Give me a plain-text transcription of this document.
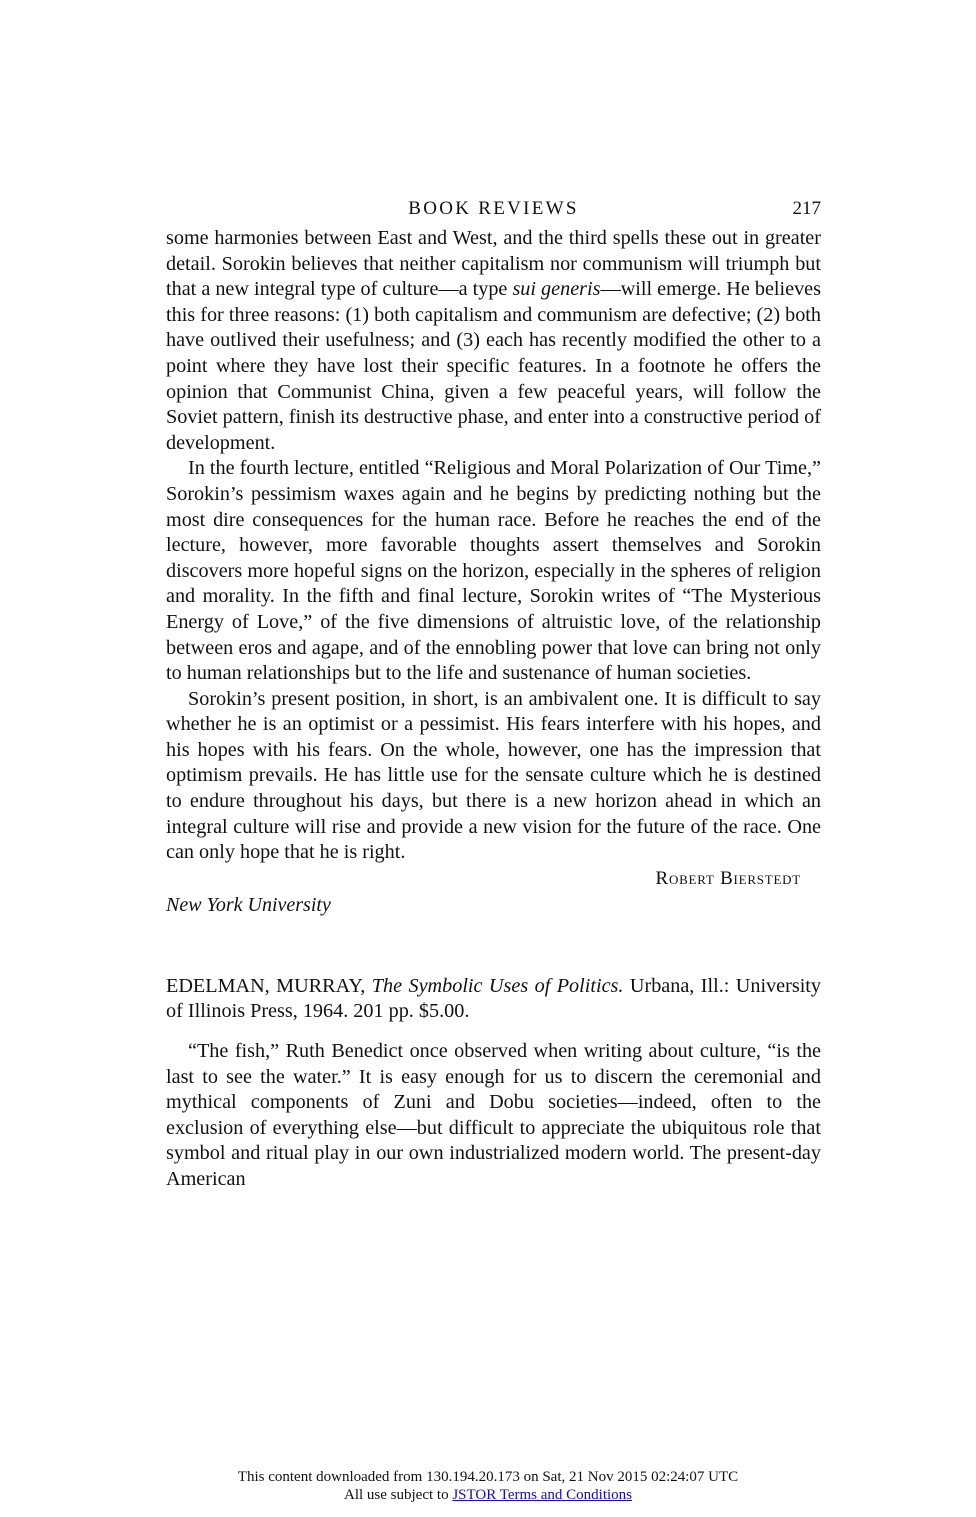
BOOK REVIEWS	217

some harmonies between East and West, and the third spells these out in greater detail. Sorokin believes that neither capitalism nor communism will triumph but that a new integral type of culture—a type sui generis—will emerge. He believes this for three reasons: (1) both capitalism and communism are defective; (2) both have outlived their usefulness; and (3) each has recently modified the other to a point where they have lost their specific features. In a footnote he offers the opinion that Communist China, given a few peaceful years, will follow the Soviet pattern, finish its destructive phase, and enter into a constructive period of development.

In the fourth lecture, entitled “Religious and Moral Polarization of Our Time,” Sorokin’s pessimism waxes again and he begins by predicting nothing but the most dire consequences for the human race. Before he reaches the end of the lecture, however, more favorable thoughts assert themselves and Sorokin discovers more hopeful signs on the horizon, especially in the spheres of religion and morality. In the fifth and final lecture, Sorokin writes of “The Mysterious Energy of Love,” of the five dimensions of altruistic love, of the relationship between eros and agape, and of the ennobling power that love can bring not only to human relationships but to the life and sustenance of human societies.

Sorokin’s present position, in short, is an ambivalent one. It is difficult to say whether he is an optimist or a pessimist. His fears interfere with his hopes, and his hopes with his fears. On the whole, however, one has the impression that optimism prevails. He has little use for the sensate culture which he is destined to endure throughout his days, but there is a new horizon ahead in which an integral culture will rise and provide a new vision for the future of the race. One can only hope that he is right.

Robert Bierstedt
New York University
EDELMAN, MURRAY, The Symbolic Uses of Politics. Urbana, Ill.: University of Illinois Press, 1964. 201 pp. $5.00.

“The fish,” Ruth Benedict once observed when writing about culture, “is the last to see the water.” It is easy enough for us to discern the ceremonial and mythical components of Zuni and Dobu societies—indeed, often to the exclusion of everything else—but difficult to appreciate the ubiquitous role that symbol and ritual play in our own industrialized modern world. The present-day American

This content downloaded from 130.194.20.173 on Sat, 21 Nov 2015 02:24:07 UTC
All use subject to JSTOR Terms and Conditions
